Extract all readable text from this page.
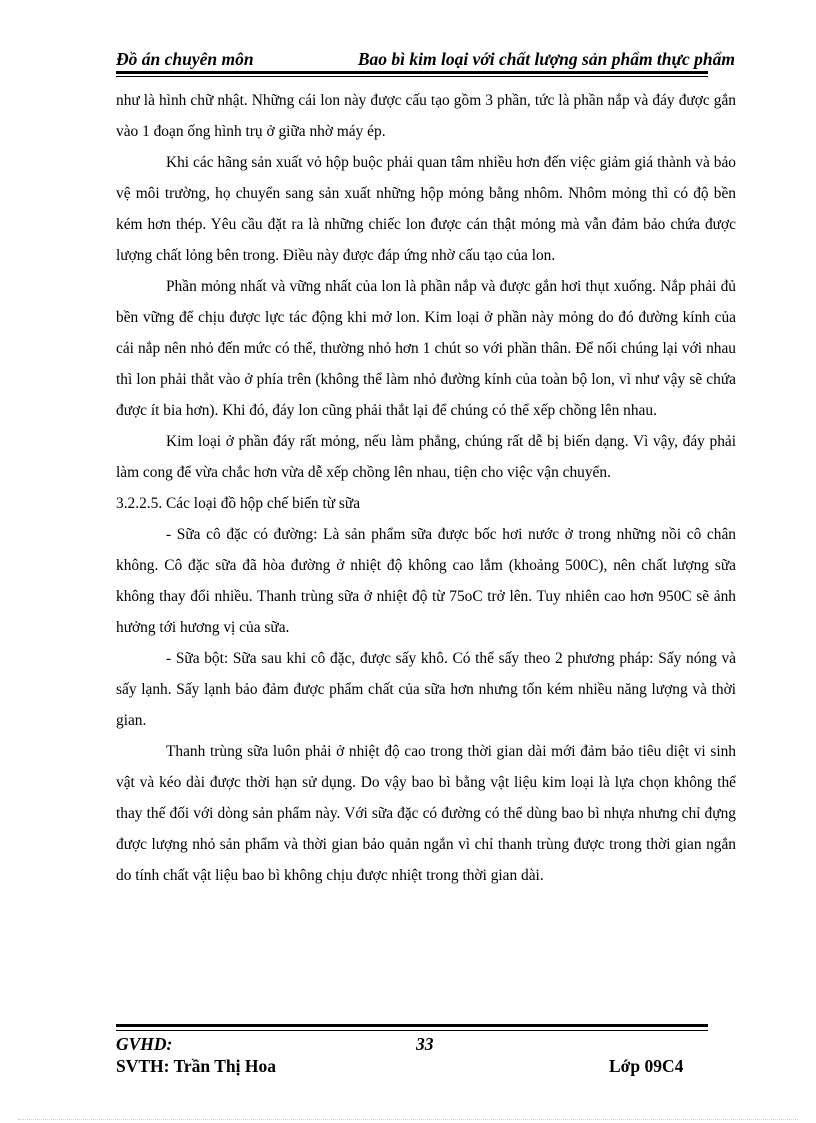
Đồ án chuyên môn	Bao bì kim loại với chất lượng sản phẩm thực phẩm

như là hình chữ nhật. Những cái lon này được cấu tạo gồm 3 phần, tức là phần nắp và đáy được gắn vào 1 đoạn ống hình trụ ở giữa nhờ máy ép.

Khi các hãng sản xuất vỏ hộp buộc phải quan tâm nhiều hơn đến việc giảm giá thành và bảo vệ môi trường, họ chuyển sang sản xuất những hộp mỏng bằng nhôm. Nhôm mỏng thì có độ bền kém hơn thép. Yêu cầu đặt ra là những chiếc lon được cán thật mỏng mà vẫn đảm bảo chứa được lượng chất lỏng bên trong. Điều này được đáp ứng nhờ cấu tạo của lon.

Phần mỏng nhất và vững nhất của lon là phần nắp và được gắn hơi thụt xuống. Nắp phải đủ bền vững để chịu được lực tác động khi mở lon. Kim loại ở phần này mỏng do đó đường kính của cái nắp nên nhỏ đến mức có thể, thường nhỏ hơn 1 chút so với phần thân. Để nối chúng lại với nhau thì lon phải thắt vào ở phía trên (không thể làm nhỏ đường kính của toàn bộ lon, vì như vậy sẽ chứa được ít bia hơn). Khi đó, đáy lon cũng phải thắt lại để chúng có thể xếp chồng lên nhau.

Kim loại ở phần đáy rất mỏng, nếu làm phẳng, chúng rất dễ bị biến dạng. Vì vậy, đáy phải làm cong để vừa chắc hơn vừa dễ xếp chồng lên nhau, tiện cho việc vận chuyển.

3.2.2.5. Các loại đồ hộp chế biến từ sữa

- Sữa cô đặc có đường: Là sản phẩm sữa được bốc hơi nước ở trong những nồi cô chân không. Cô đặc sữa đã hòa đường ở nhiệt độ không cao lắm (khoảng 500C), nên chất lượng sữa không thay đổi nhiều. Thanh trùng sữa ở nhiệt độ từ 75oC trở lên. Tuy nhiên cao hơn 950C sẽ ảnh hưởng tới hương vị của sữa.

- Sữa bột: Sữa sau khi cô đặc, được sấy khô. Có thể sấy theo 2 phương pháp: Sấy nóng và sấy lạnh. Sấy lạnh bảo đảm được phẩm chất của sữa hơn nhưng tốn kém nhiều năng lượng và thời gian.

Thanh trùng sữa luôn phải ở nhiệt độ cao trong thời gian dài mới đảm bảo tiêu diệt vi sinh vật và kéo dài được thời hạn sử dụng. Do vậy bao bì bằng vật liệu kim loại là lựa chọn không thể thay thế đối với dòng sản phẩm này. Với sữa đặc có đường có thể dùng bao bì nhựa nhưng chỉ đựng được lượng nhỏ sản phẩm và thời gian bảo quản ngắn vì chỉ thanh trùng được trong thời gian ngắn do tính chất vật liệu bao bì không chịu được nhiệt trong thời gian dài.

GVHD:	33
SVTH: Trần Thị Hoa	Lớp 09C4
